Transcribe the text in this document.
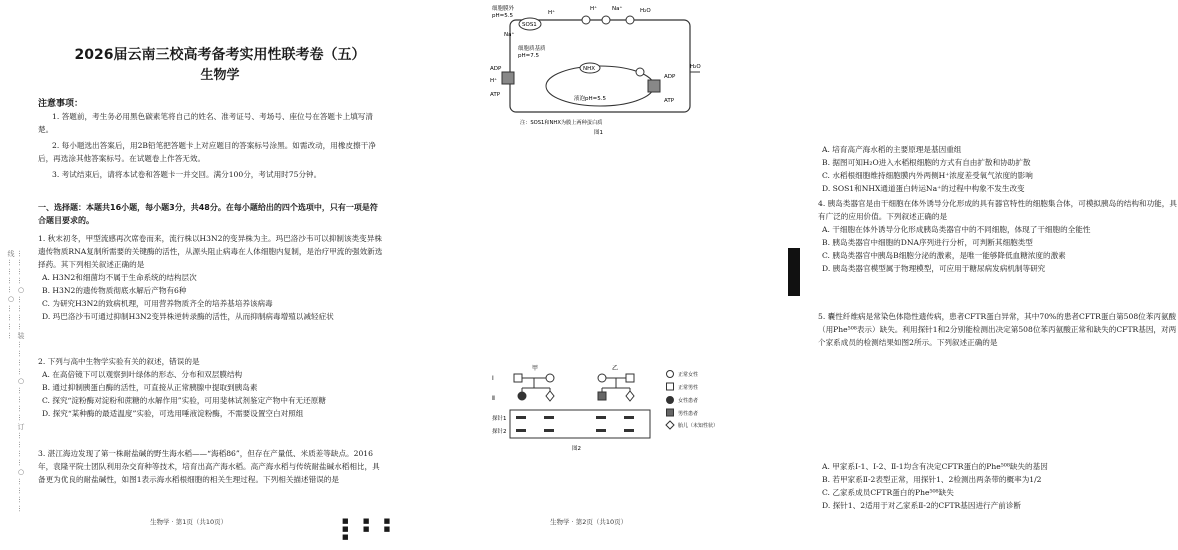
…………○…………装…………○…………订…………○…………线…………○…………
2026届云南三校高考备考实用性联考卷（五）
生物学
注意事项：
1. 答题前，考生务必用黑色碳素笔将自己的姓名、准考证号、考场号、座位号在答题卡上填写清楚。
2. 每小题选出答案后，用2B铅笔把答题卡上对应题目的答案标号涂黑。如需改动，用橡皮擦干净后，再选涂其他答案标号。在试题卷上作答无效。
3. 考试结束后，请将本试卷和答题卡一并交回。满分100分，考试用时75分钟。
一、选择题：本题共16小题，每小题3分，共48分。在每小题给出的四个选项中，只有一项是符合题目要求的。
1. 秋末初冬，甲型流感再次席卷而来，流行株以H3N2的变异株为主。玛巴洛沙韦可以抑制该类变异株遗传物质RNA复制所需要的关键酶的活性，从源头阻止病毒在人体细胞内复制，是治疗甲流的强效新选择药。其下列相关叙述正确的是
A. H3N2和细菌均不属于生命系统的结构层次
B. H3N2的遗传物质彻底水解后产物有6种
C. 为研究H3N2的致病机理，可用营养物质齐全的培养基培养该病毒
D. 玛巴洛沙韦可通过抑制H3N2变异株逆转录酶的活性，从而抑制病毒增殖以减轻症状
2. 下列与高中生物学实验有关的叙述，错误的是
A. 在高倍镜下可以观察到叶绿体的形态、分布和双层膜结构
B. 通过抑制胰蛋白酶的活性，可直接从正常胰腺中提取到胰岛素
C. 探究“淀粉酶对淀粉和蔗糖的水解作用”实验，可用斐林试剂鉴定产物中有无还原糖
D. 探究“某种酶的最适温度”实验，可选用唾液淀粉酶，不需要设置空白对照组
3. 湛江海边发现了第一株耐盐碱的野生海水稻——“海稻86”，但存在产量低、米质差等缺点。2016年，袁隆平院士团队利用杂交育种等技术，培育出高产海水稻。高产海水稻与传统耐盐碱水稻相比，具备更为优良的耐盐碱性，如图1表示海水稻根细胞的相关生理过程。下列相关描述错误的是
生物学 · 第1页（共10页）	■ ■ ■ ■ ■ ■ ■
细胞膜外
pH=5.5
SOS1
H⁺
Na⁺
H⁺	Na⁺	H₂O
细胞质基质
pH=7.5
液泡pH=5.5
NHX
ADP
ATP
H⁺
ADP
ATP
H₂O
注：SOS1和NHX为膜上两种蛋白质
图1
A. 培育高产海水稻的主要原理是基因重组
B. 据图可知H₂O进入水稻根细胞的方式有自由扩散和协助扩散
C. 水稻根细胞维持细胞膜内外两侧H⁺浓度差受氧气浓度的影响
D. SOS1和NHX通道蛋白转运Na⁺的过程中构象不发生改变
4. 胰岛类器官是由干细胞在体外诱导分化形成的具有器官特性的细胞集合体，可模拟胰岛的结构和功能，具有广泛的应用价值。下列叙述正确的是
A. 干细胞在体外诱导分化形成胰岛类器官中的不同细胞，体现了干细胞的全能性
B. 胰岛类器官中细胞的DNA序列进行分析，可判断其细胞类型
C. 胰岛类器官中胰岛B细胞分泌的激素，是唯一能够降低血糖浓度的激素
D. 胰岛类器官模型属于物理模型，可应用于糖尿病发病机制等研究
5. 囊性纤维病是常染色体隐性遗传病，患者CFTR蛋白异常，其中70%的患者CFTR蛋白第508位苯丙氨酸（用Phe⁵⁰⁸表示）缺失。利用探针1和2分别能检测出决定第508位苯丙氨酸正常和缺失的CFTR基因，对两个家系成员的检测结果如图2所示。下列叙述正确的是
甲	乙
Ⅰ
Ⅱ
探针1
探针2
正常女性
正常男性
女性患者
男性患者
胎儿（未知性状）
图2
A. 甲家系Ⅰ-1、Ⅰ-2、Ⅱ-1均含有决定CFTR蛋白的Phe⁵⁰⁸缺失的基因
B. 若甲家系Ⅱ-2表型正常，用探针1、2检测出两条带的概率为1/2
C. 乙家系成员CFTR蛋白的Phe⁵⁰⁸缺失
D. 探针1、2适用于对乙家系Ⅱ-2的CFTR基因进行产前诊断
生物学 · 第2页（共10页）
